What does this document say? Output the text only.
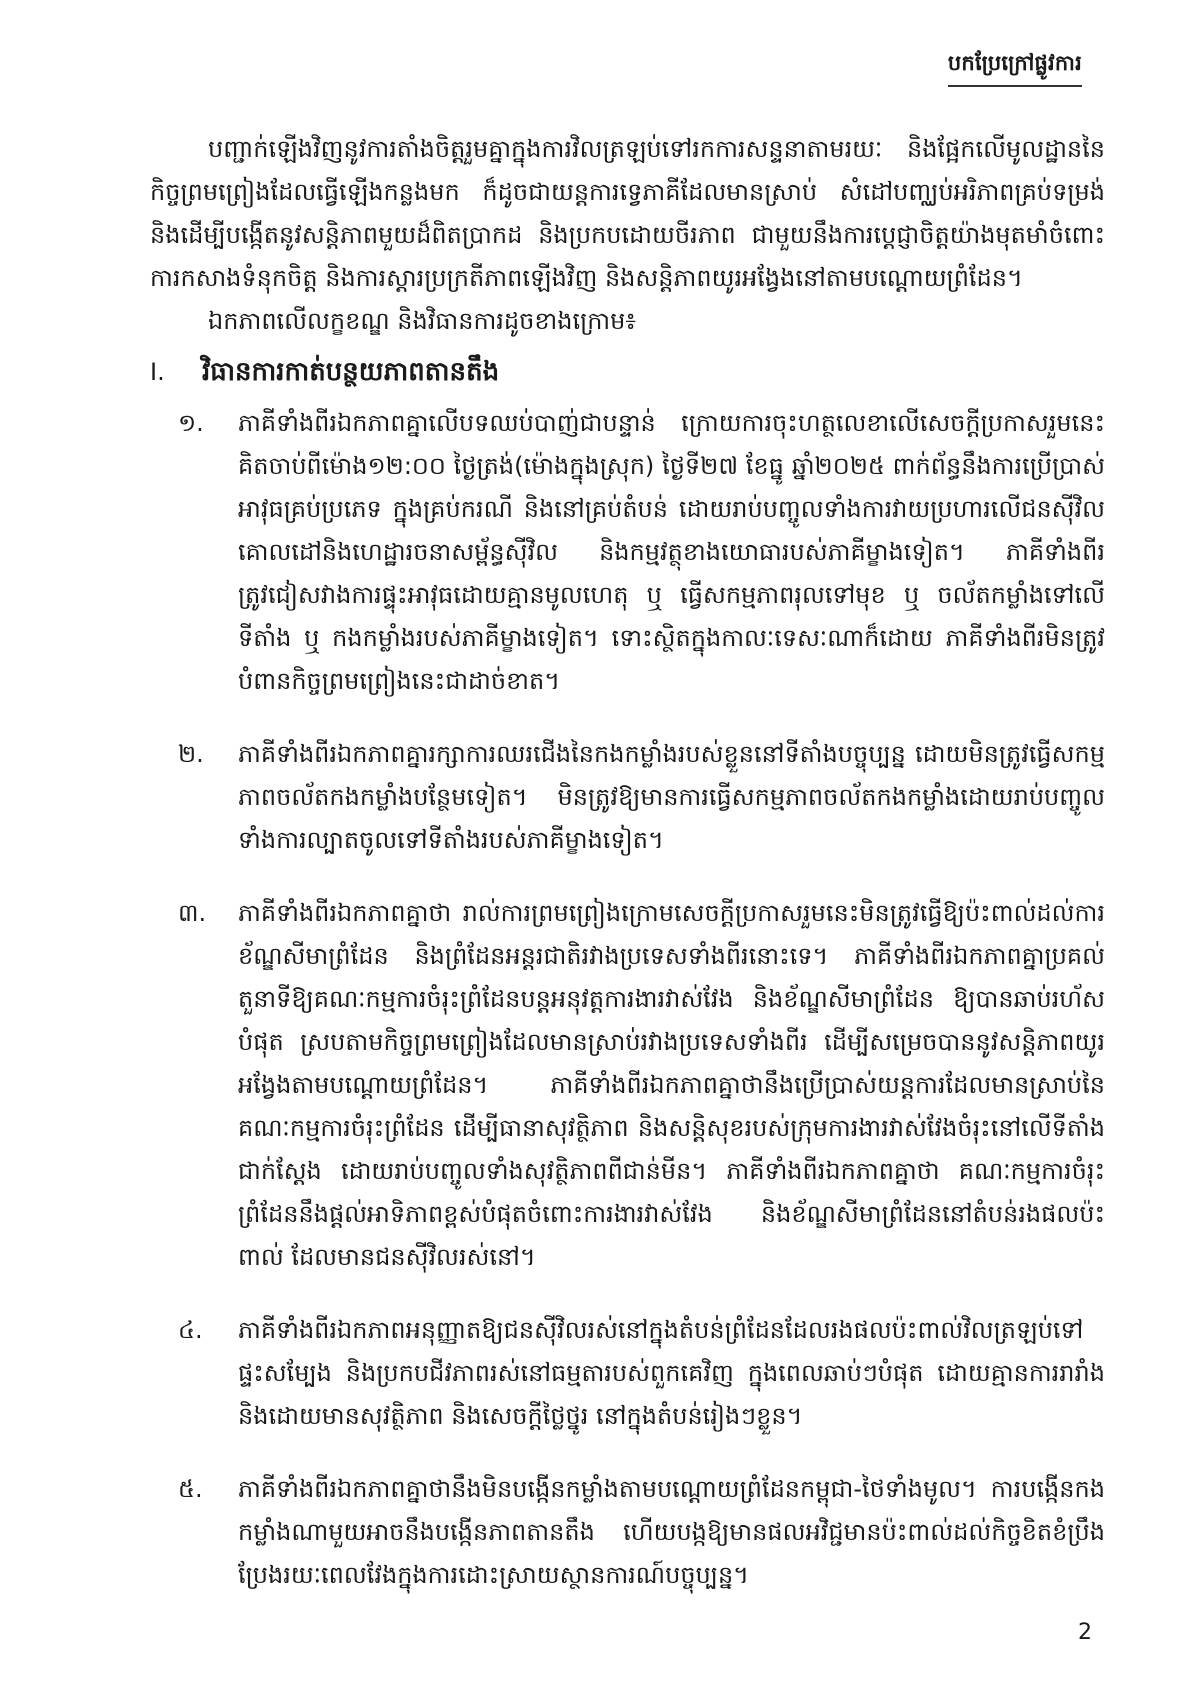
បកប្រែក្រៅផ្លូវការ

បញ្ជាក់ឡើងវិញនូវការតាំងចិត្តរួមគ្នាក្នុងការវិលត្រឡប់ទៅរកការសន្ទនាតាមរយៈ និងផ្អែកលើមូលដ្ឋាននៃកិច្ចព្រមព្រៀងដែលធ្វើឡើងកន្លងមក ក៏ដូចជាយន្តការទ្វេភាគីដែលមានស្រាប់ សំដៅបញ្ឈប់អរិភាពគ្រប់ទម្រង់ និងដើម្បីបង្កើតនូវសន្តិភាពមួយដ៏ពិតប្រាកដ និងប្រកបដោយចីរភាព ជាមួយនឹងការប្តេជ្ញាចិត្តយ៉ាងមុតមាំចំពោះការកសាងទំនុកចិត្ត និងការស្តារប្រក្រតីភាពឡើងវិញ និងសន្តិភាពយូរអង្វែងនៅតាមបណ្តោយព្រំដែន។

ឯកភាពលើលក្ខខណ្ឌ និងវិធានការដូចខាងក្រោម៖

I.	វិធានការកាត់បន្ថយភាពតានតឹង
១.	ភាគីទាំងពីរឯកភាពគ្នាលើបទឈប់បាញ់ជាបន្ទាន់ ក្រោយការចុះហត្ថលេខាលើសេចក្តីប្រកាសរួមនេះ គិតចាប់ពីម៉ោង១២:០០ ថ្ងៃត្រង់(ម៉ោងក្នុងស្រុក) ថ្ងៃទី២៧ ខែធ្នូ ឆ្នាំ២០២៥ ពាក់ព័ន្ធនឹងការប្រើប្រាស់អាវុធគ្រប់ប្រភេទ ក្នុងគ្រប់ករណី និងនៅគ្រប់តំបន់ ដោយរាប់បញ្ចូលទាំងការវាយប្រហារលើជនស៊ីវិល គោលដៅនិងហេដ្ឋារចនាសម្ព័ន្ធស៊ីវិល និងកម្មវត្ថុខាងយោធារបស់ភាគីម្ខាងទៀត។ ភាគីទាំងពីរត្រូវជៀសវាងការផ្ទុះអាវុធដោយគ្មានមូលហេតុ ឬ ធ្វើសកម្មភាពរុលទៅមុខ ឬ ចល័តកម្លាំងទៅលើទីតាំង ឬ កងកម្លាំងរបស់ភាគីម្ខាងទៀត។ ទោះស្ថិតក្នុងកាលៈទេសៈណាក៏ដោយ ភាគីទាំងពីរមិនត្រូវបំពានកិច្ចព្រមព្រៀងនេះជាដាច់ខាត។
២.	ភាគីទាំងពីរឯកភាពគ្នារក្សាការឈរជើងនៃកងកម្លាំងរបស់ខ្លួននៅទីតាំងបច្ចុប្បន្ន ដោយមិនត្រូវធ្វើសកម្មភាពចល័តកងកម្លាំងបន្ថែមទៀត។ មិនត្រូវឱ្យមានការធ្វើសកម្មភាពចល័តកងកម្លាំងដោយរាប់បញ្ចូលទាំងការល្បាតចូលទៅទីតាំងរបស់ភាគីម្ខាងទៀត។
៣.	ភាគីទាំងពីរឯកភាពគ្នាថា រាល់ការព្រមព្រៀងក្រោមសេចក្តីប្រកាសរួមនេះមិនត្រូវធ្វើឱ្យប៉ះពាល់ដល់ការខ័ណ្ឌសីមាព្រំដែន និងព្រំដែនអន្តរជាតិរវាងប្រទេសទាំងពីរនោះទេ។ ភាគីទាំងពីរឯកភាពគ្នាប្រគល់តួនាទីឱ្យគណៈកម្មការចំរុះព្រំដែនបន្តអនុវត្តការងារវាស់វែង និងខ័ណ្ឌសីមាព្រំដែន ឱ្យបានឆាប់រហ័សបំផុត ស្របតាមកិច្ចព្រមព្រៀងដែលមានស្រាប់រវាងប្រទេសទាំងពីរ ដើម្បីសម្រេចបាននូវសន្តិភាពយូរអង្វែងតាមបណ្តោយព្រំដែន។ ភាគីទាំងពីរឯកភាពគ្នាថានឹងប្រើប្រាស់យន្តការដែលមានស្រាប់នៃគណៈកម្មការចំរុះព្រំដែន ដើម្បីធានាសុវត្ថិភាព និងសន្តិសុខរបស់ក្រុមការងារវាស់វែងចំរុះនៅលើទីតាំងជាក់ស្តែង ដោយរាប់បញ្ចូលទាំងសុវត្ថិភាពពីជាន់មីន។ ភាគីទាំងពីរឯកភាពគ្នាថា គណៈកម្មការចំរុះព្រំដែននឹងផ្តល់អាទិភាពខ្ពស់បំផុតចំពោះការងារវាស់វែង និងខ័ណ្ឌសីមាព្រំដែននៅតំបន់រងផលប៉ះពាល់ ដែលមានជនស៊ីវិលរស់នៅ។
៤.	ភាគីទាំងពីរឯកភាពអនុញ្ញាតឱ្យជនស៊ីវិលរស់នៅក្នុងតំបន់ព្រំដែនដែលរងផលប៉ះពាល់វិលត្រឡប់ទៅផ្ទះសម្បែង និងប្រកបជីវភាពរស់នៅធម្មតារបស់ពួកគេវិញ ក្នុងពេលឆាប់ៗបំផុត ដោយគ្មានការរារាំង និងដោយមានសុវត្ថិភាព និងសេចក្តីថ្លៃថ្នូរ នៅក្នុងតំបន់រៀងៗខ្លួន។
៥.	ភាគីទាំងពីរឯកភាពគ្នាថានឹងមិនបង្កើនកម្លាំងតាមបណ្តោយព្រំដែនកម្ពុជា-ថៃទាំងមូល។ ការបង្កើនកងកម្លាំងណាមួយអាចនឹងបង្កើនភាពតានតឹង ហើយបង្កឱ្យមានផលអវិជ្ជមានប៉ះពាល់ដល់កិច្ចខិតខំប្រឹងប្រែងរយៈពេលវែងក្នុងការដោះស្រាយស្ថានការណ៍បច្ចុប្បន្ន។
2
